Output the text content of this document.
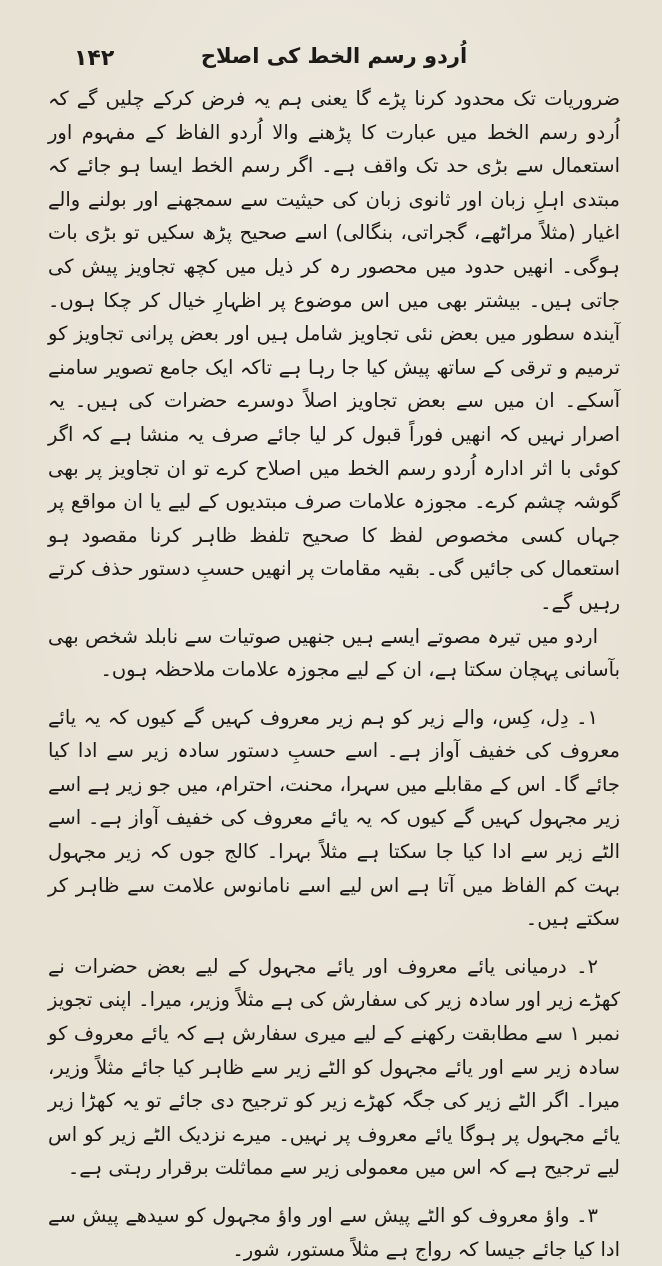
۱۴۲	اُردو رسم الخط کی اصلاح

ضروریات تک محدود کرنا پڑے گا یعنی ہم یہ فرض کرکے چلیں گے کہ اُردو رسم الخط میں عبارت کا پڑھنے والا اُردو الفاظ کے مفہوم اور استعمال سے بڑی حد تک واقف ہے۔ اگر رسم الخط ایسا ہو جائے کہ مبتدی اہلِ زبان اور ثانوی زبان کی حیثیت سے سمجھنے اور بولنے والے اغیار (مثلاً مراٹھے، گجراتی، بنگالی) اسے صحیح پڑھ سکیں تو بڑی بات ہوگی۔ انھیں حدود میں محصور رہ کر ذیل میں کچھ تجاویز پیش کی جاتی ہیں۔ بیشتر بھی میں اس موضوع پر اظہارِ خیال کر چکا ہوں۔ آیندہ سطور میں بعض نئی تجاویز شامل ہیں اور بعض پرانی تجاویز کو ترمیم و ترقی کے ساتھ پیش کیا جا رہا ہے تاکہ ایک جامع تصویر سامنے آسکے۔ ان میں سے بعض تجاویز اصلاً دوسرے حضرات کی ہیں۔ یہ اصرار نہیں کہ انھیں فوراً قبول کر لیا جائے صرف یہ منشا ہے کہ اگر کوئی با اثر ادارہ اُردو رسم الخط میں اصلاح کرے تو ان تجاویز پر بھی گوشہ چشم کرے۔ مجوزہ علامات صرف مبتدیوں کے لیے یا ان مواقع پر جہاں کسی مخصوص لفظ کا صحیح تلفظ ظاہر کرنا مقصود ہو استعمال کی جائیں گی۔ بقیہ مقامات پر انھیں حسبِ دستور حذف کرتے رہیں گے۔

اردو میں تیرہ مصوتے ایسے ہیں جنھیں صوتیات سے نابلد شخص بھی بآسانی پہچان سکتا ہے، ان کے لیے مجوزہ علامات ملاحظہ ہوں۔

۱۔ دِل، کِس، والے زیر کو ہم زیر معروف کہیں گے کیوں کہ یہ یائے معروف کی خفیف آواز ہے۔ اسے حسبِ دستور سادہ زیر سے ادا کیا جائے گا۔ اس کے مقابلے میں سہرا، محنت، احترام، میں جو زیر ہے اسے زیر مجہول کہیں گے کیوں کہ یہ یائے معروف کی خفیف آواز ہے۔ اسے الٹے زیر سے ادا کیا جا سکتا ہے مثلاً بہرا۔ کالج جوں کہ زیر مجہول بہت کم الفاظ میں آتا ہے اس لیے اسے نامانوس علامت سے ظاہر کر سکتے ہیں۔

۲۔ درمیانی یائے معروف اور یائے مجہول کے لیے بعض حضرات نے کھڑے زیر اور سادہ زیر کی سفارش کی ہے مثلاً وزیر، میرا۔ اپنی تجویز نمبر ۱ سے مطابقت رکھنے کے لیے میری سفارش ہے کہ یائے معروف کو سادہ زیر سے اور یائے مجہول کو الٹے زیر سے ظاہر کیا جائے مثلاً وزیر، میرا۔ اگر الٹے زیر کی جگہ کھڑے زیر کو ترجیح دی جائے تو یہ کھڑا زیر یائے مجہول پر ہوگا یائے معروف پر نہیں۔ میرے نزدیک الٹے زیر کو اس لیے ترجیح ہے کہ اس میں معمولی زیر سے مماثلت برقرار رہتی ہے۔

۳۔ واؤ معروف کو الٹے پیش سے اور واؤ مجہول کو سیدھے پیش سے ادا کیا جائے جیسا کہ رواج ہے مثلاً مستور، شور۔
